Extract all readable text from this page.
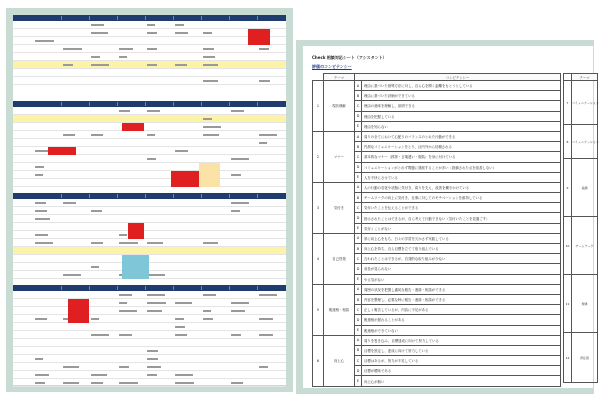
Check 相談対応シート（アシスタント）
評価のコンピテンシー
	テーマ	コンピテンシー	
1	現状理解	A	理由に基づいた指導方法に対し、自ら心を開く距離をもとうとしている
		B	理由に基づいた評価ができている
		C	理由の意味を理解し、説明できる
		D	理由を把握している
		E	理由を知らない
2	マナー	A	周りの全てにおいて心配りのバランスのとれた行動ができる
		B	円滑なコミュニケーションをとり、社内外から信頼される
		C	基本的なマナー（挨拶・言葉遣い・服装）を身に付けている
		D	コミュニケーションがとれず問題に発展することが多い（指摘された点を改善しない）
		E	人を不快にさせている
3	気付き	A	人の行動の変化や状態に気付き、周りを支え、改善を働きかけている
		B	チームワークの向上に気付き、仕事に対してのモチベーションを維持している
		C	気付いたことを伝えることができる
		D	指示されたことはできるが、自ら考えて行動できない（気付いたことを見過ごす）
		E	気付くことがない
4	自己啓発	A	常に向上心をもち、日々の学習を欠かさず実践している
		B	向上心を持ち、自ら目標を立てて取り組んでいる
		C	言われたことはできるが、自発的な取り組みが少ない
		D	成長が見られない
		E	やる気がない
5	報連相・相談	A	周囲の状況を把握し適切な報告・連絡・相談ができる
		B	内容を整理し、必要な時に報告・連絡・相談ができる
		C	正しく報告しているが、内容に不足がある
		D	報連相が遅れることがある
		E	報連相ができていない
6	向上心	A	周りを巻き込み、目標達成に向けて努力している
		B	目標を設定し、達成に向けて努力している
		C	目標はあるが、努力が不足している
		D	目標が曖昧である
		E	向上心が無い
	テーマ
7	コミュニケーション
8	コミュニケーション
9	協調
10	チームワーク
11	規律
12	責任感
